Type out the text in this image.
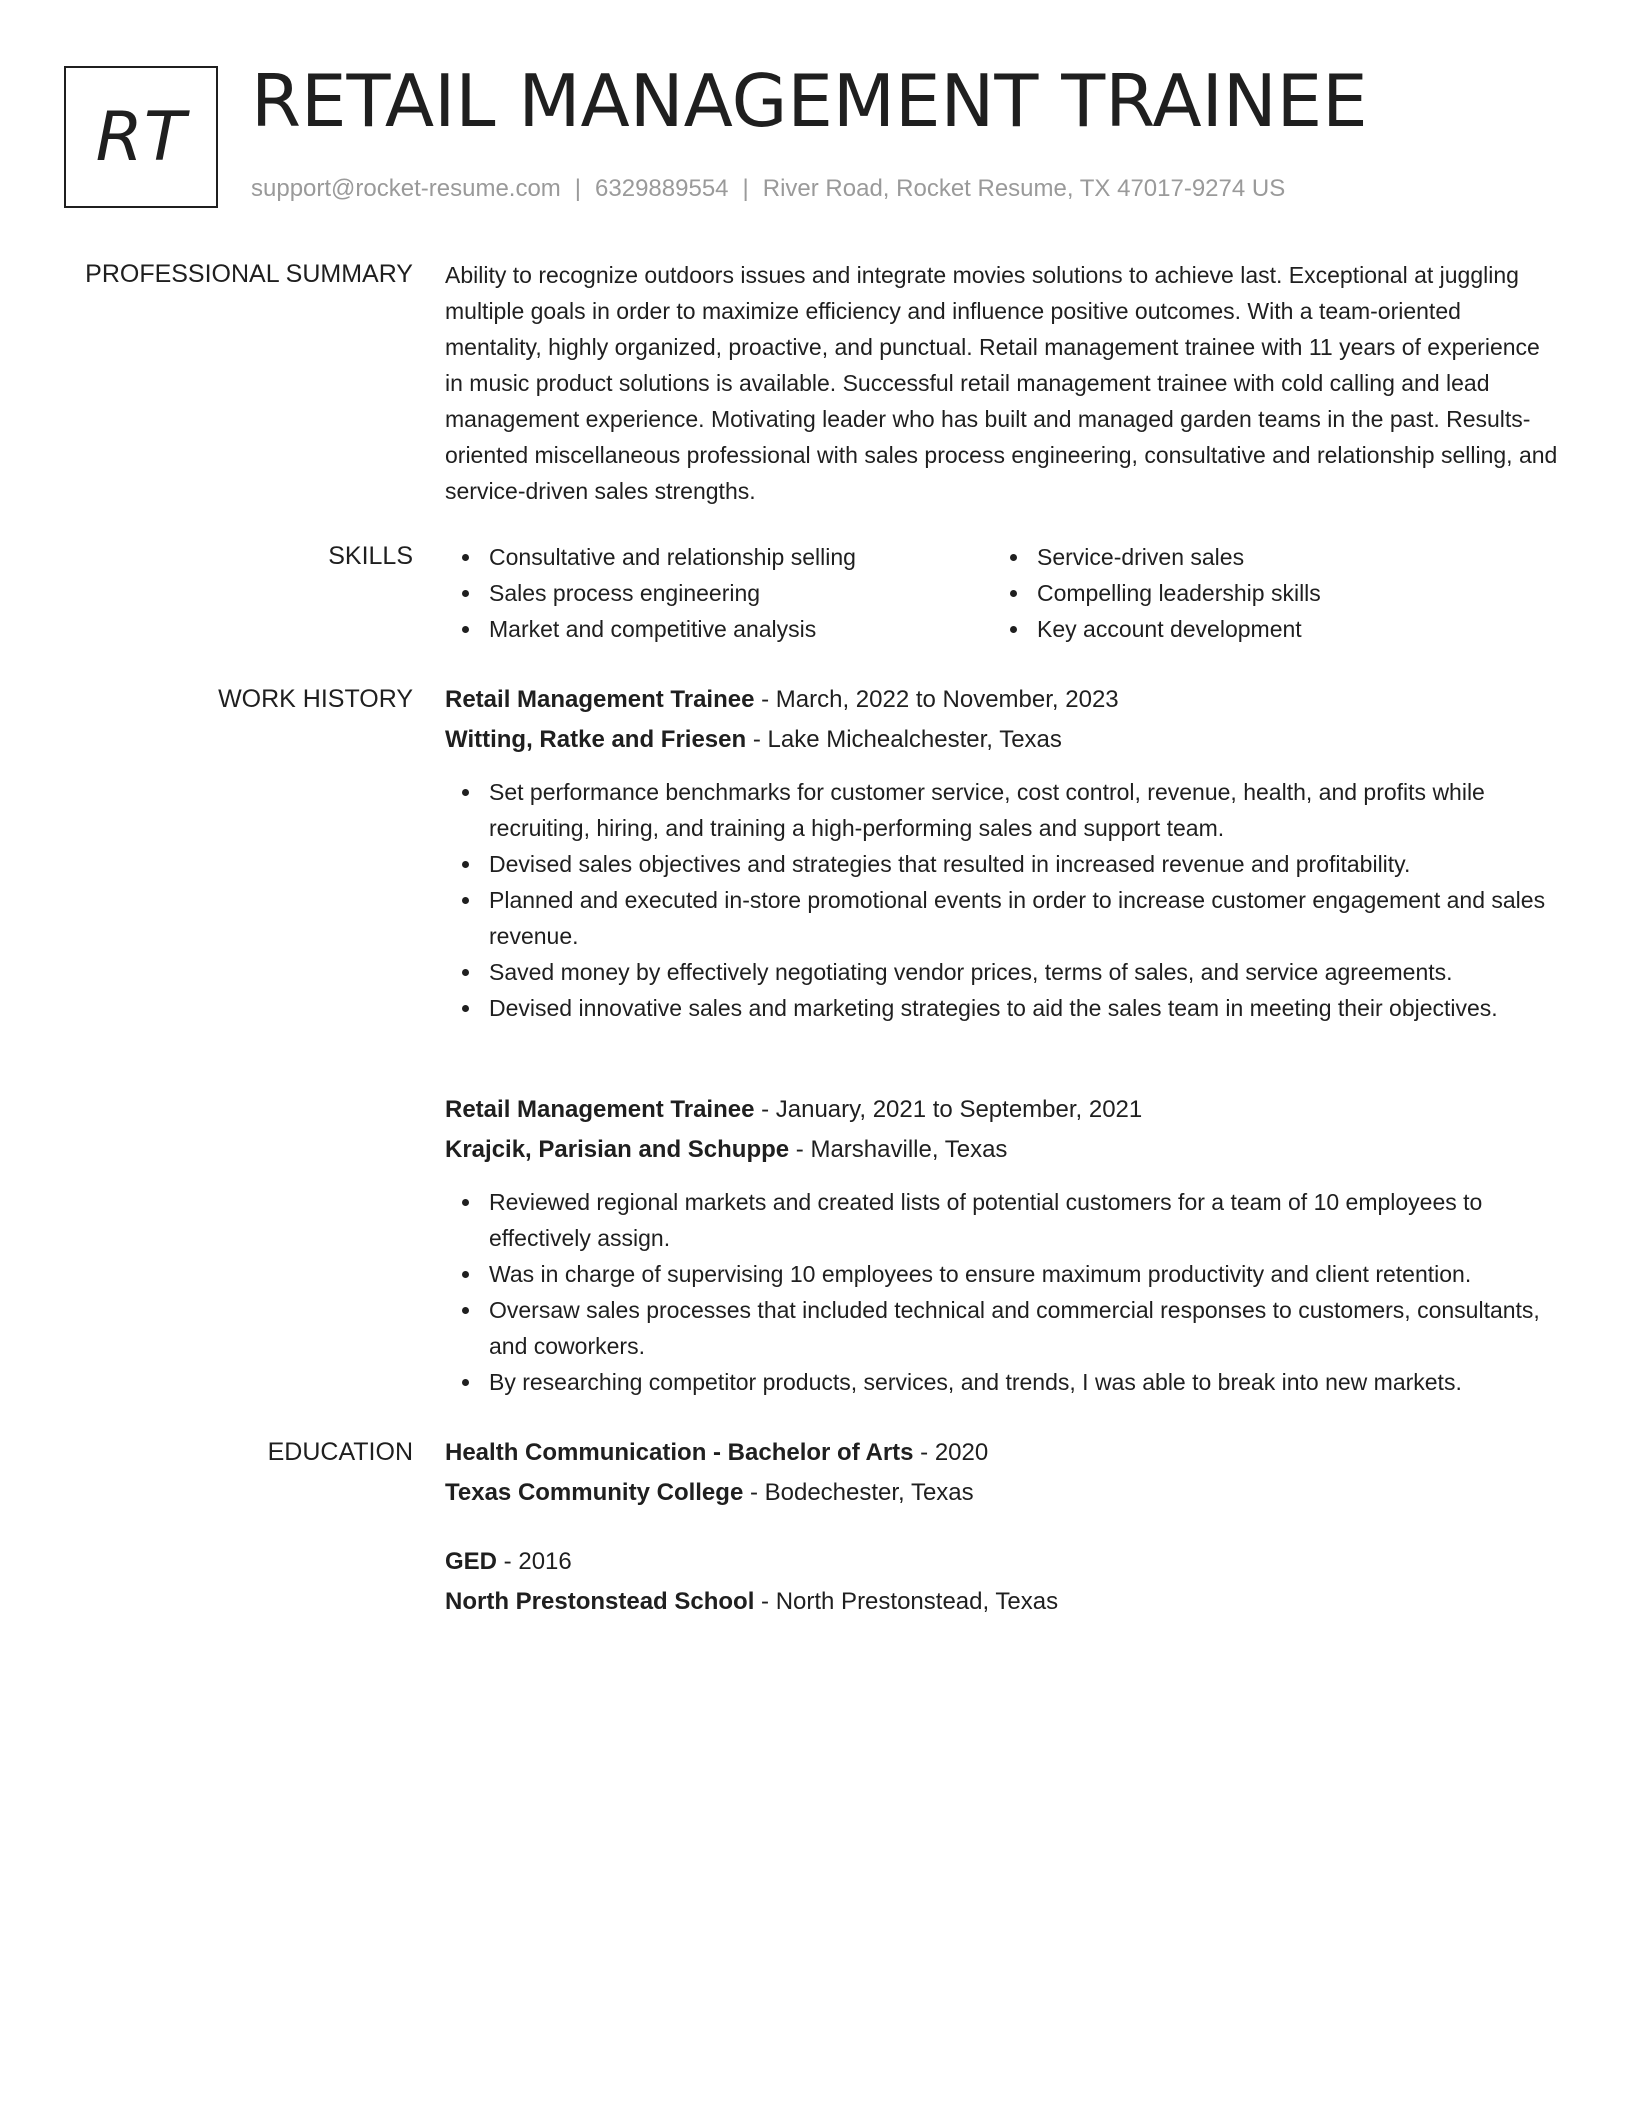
RT RETAIL MANAGEMENT TRAINEE
support@rocket-resume.com | 6329889554 | River Road, Rocket Resume, TX 47017-9274 US
PROFESSIONAL SUMMARY Ability to recognize outdoors issues and integrate movies solutions to achieve last. Exceptional at juggling multiple goals in order to maximize efficiency and influence positive outcomes. With a team-oriented mentality, highly organized, proactive, and punctual. Retail management trainee with 11 years of experience in music product solutions is available. Successful retail management trainee with cold calling and lead management experience. Motivating leader who has built and managed garden teams in the past. Results-oriented miscellaneous professional with sales process engineering, consultative and relationship selling, and service-driven sales strengths.

SKILLS	Consultative and relationship selling
Sales process engineering
Market and competitive analysis
Service-driven sales
Compelling leadership skills
Key account development
WORK HISTORY Retail Management Trainee - March, 2022 to November, 2023
Witting, Ratke and Friesen - Lake Michealchester, Texas
Set performance benchmarks for customer service, cost control, revenue, health, and profits while recruiting, hiring, and training a high-performing sales and support team.
Devised sales objectives and strategies that resulted in increased revenue and profitability.
Planned and executed in-store promotional events in order to increase customer engagement and sales revenue.
Saved money by effectively negotiating vendor prices, terms of sales, and service agreements.
Devised innovative sales and marketing strategies to aid the sales team in meeting their objectives.
Retail Management Trainee - January, 2021 to September, 2021
Krajcik, Parisian and Schuppe - Marshaville, Texas
Reviewed regional markets and created lists of potential customers for a team of 10 employees to effectively assign.
Was in charge of supervising 10 employees to ensure maximum productivity and client retention.
Oversaw sales processes that included technical and commercial responses to customers, consultants, and coworkers.
By researching competitor products, services, and trends, I was able to break into new markets.
EDUCATION Health Communication - Bachelor of Arts - 2020
Texas Community College - Bodechester, Texas
GED - 2016
North Prestonstead School - North Prestonstead, Texas
